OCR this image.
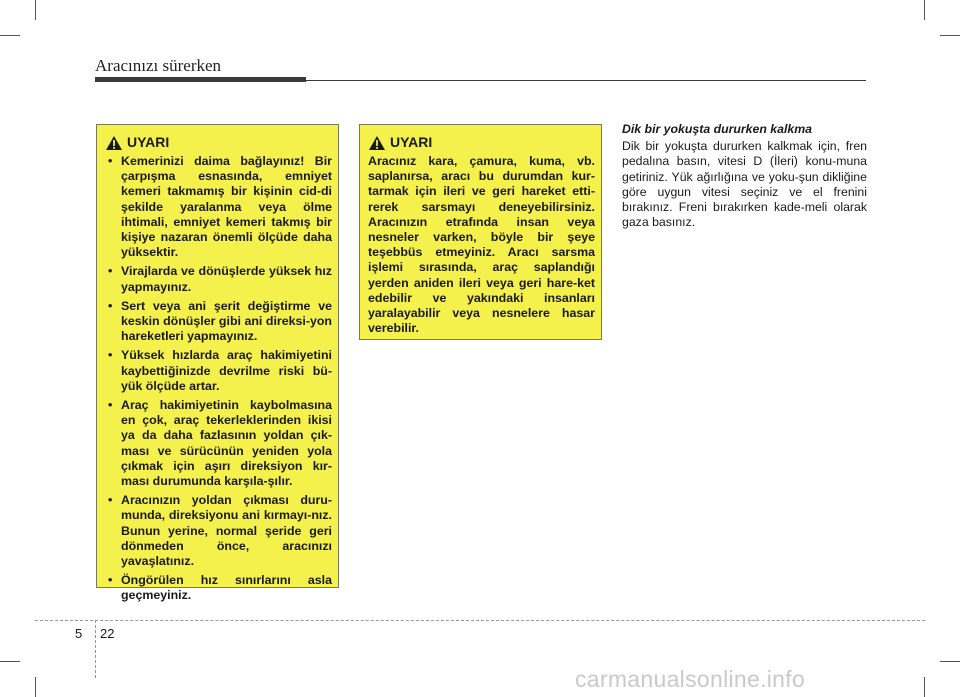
Aracınızı sürerken
UYARI
• Kemerinizi daima bağlayınız! Bir çarpışma esnasında, emniyet kemeri takmamış bir kişinin cid-di şekilde yaralanma veya ölme ihtimali, emniyet kemeri takmış bir kişiye nazaran önemli ölçüde daha yüksektir.
• Virajlarda ve dönüşlerde yüksek hız yapmayınız.
• Sert veya ani şerit değiştirme ve keskin dönüşler gibi ani direksi-yon hareketleri yapmayınız.
• Yüksek hızlarda araç hakimiyetini kaybettiğinizde devrilme riski bü-yük ölçüde artar.
• Araç hakimiyetinin kaybolmasına en çok, araç tekerleklerinden ikisi ya da daha fazlasının yoldan çık-ması ve sürücünün yeniden yola çıkmak için aşırı direksiyon kır-ması durumunda karşıla-şılır.
• Aracınızın yoldan çıkması duru-munda, direksiyonu ani kırmayı-nız. Bunun yerine, normal şeride geri dönmeden önce, aracınızı yavaşlatınız.
• Öngörülen hız sınırlarını asla geçmeyiniz.
UYARI

Aracınız kara, çamura, kuma, vb. saplanırsa, aracı bu durumdan kur-tarmak için ileri ve geri hareket etti-rerek sarsmayı deneyebilirsiniz. Aracınızın etrafında insan veya nesneler varken, böyle bir şeye teşebbüs etmeyiniz. Aracı sarsma işlemi sırasında, araç saplandığı yerden aniden ileri veya geri hare-ket edebilir ve yakındaki insanları yaralayabilir veya nesnelere hasar verebilir.

Dik bir yokuşta dururken kalkma

Dik bir yokuşta dururken kalkmak için, fren pedalına basın, vitesi D (İleri) konu-muna getiriniz. Yük ağırlığına ve yoku-şun dikliğine göre uygun vitesi seçiniz ve el frenini bırakınız. Freni bırakırken kade-meli olarak gaza basınız.

5 22
carmanualsonline.info
